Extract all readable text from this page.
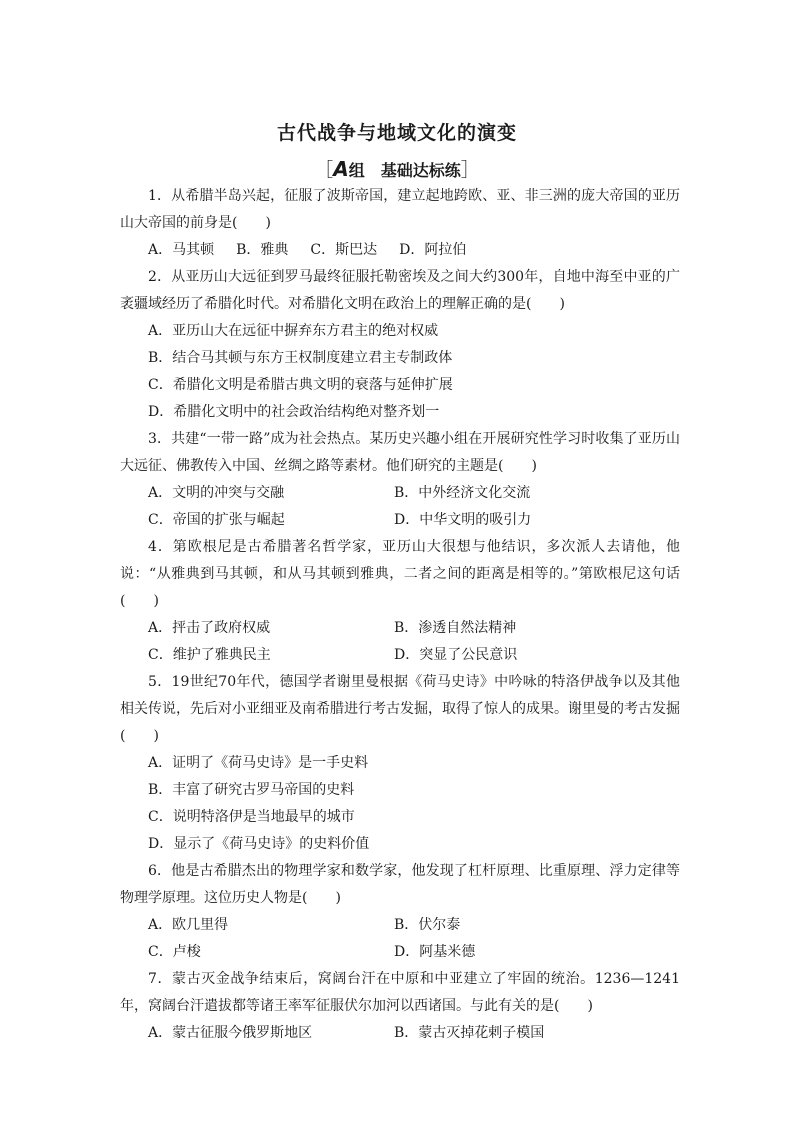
古代战争与地域文化的演变
［A组　基础达标练］

1．从希腊半岛兴起，征服了波斯帝国，建立起地跨欧、亚、非三洲的庞大帝国的亚历山大帝国的前身是(　　)

A．马其顿 B．雅典 C．斯巴达 D．阿拉伯

2．从亚历山大远征到罗马最终征服托勒密埃及之间大约300年，自地中海至中亚的广袤疆域经历了希腊化时代。对希腊化文明在政治上的理解正确的是(　　)

A．亚历山大在远征中摒弃东方君主的绝对权威

B．结合马其顿与东方王权制度建立君主专制政体

C．希腊化文明是希腊古典文明的衰落与延伸扩展

D．希腊化文明中的社会政治结构绝对整齐划一

3．共建“一带一路”成为社会热点。某历史兴趣小组在开展研究性学习时收集了亚历山大远征、佛教传入中国、丝绸之路等素材。他们研究的主题是(　　)

A．文明的冲突与交融	B．中外经济文化交流
C．帝国的扩张与崛起	D．中华文明的吸引力

4．第欧根尼是古希腊著名哲学家，亚历山大很想与他结识，多次派人去请他，他说：“从雅典到马其顿，和从马其顿到雅典，二者之间的距离是相等的。”第欧根尼这句话(　　)

A．抨击了政府权威	B．渗透自然法精神
C．维护了雅典民主	D．突显了公民意识

5．19世纪70年代，德国学者谢里曼根据《荷马史诗》中吟咏的特洛伊战争以及其他相关传说，先后对小亚细亚及南希腊进行考古发掘，取得了惊人的成果。谢里曼的考古发掘(　　)

A．证明了《荷马史诗》是一手史料

B．丰富了研究古罗马帝国的史料

C．说明特洛伊是当地最早的城市

D．显示了《荷马史诗》的史料价值

6．他是古希腊杰出的物理学家和数学家，他发现了杠杆原理、比重原理、浮力定律等物理学原理。这位历史人物是(　　)

A．欧几里得	B．伏尔泰
C．卢梭	D．阿基米德

7．蒙古灭金战争结束后，窝阔台汗在中原和中亚建立了牢固的统治。1236—1241年，窝阔台汗遣拔都等诸王率军征服伏尔加河以西诸国。与此有关的是(　　)

A．蒙古征服今俄罗斯地区	B．蒙古灭掉花剌子模国
